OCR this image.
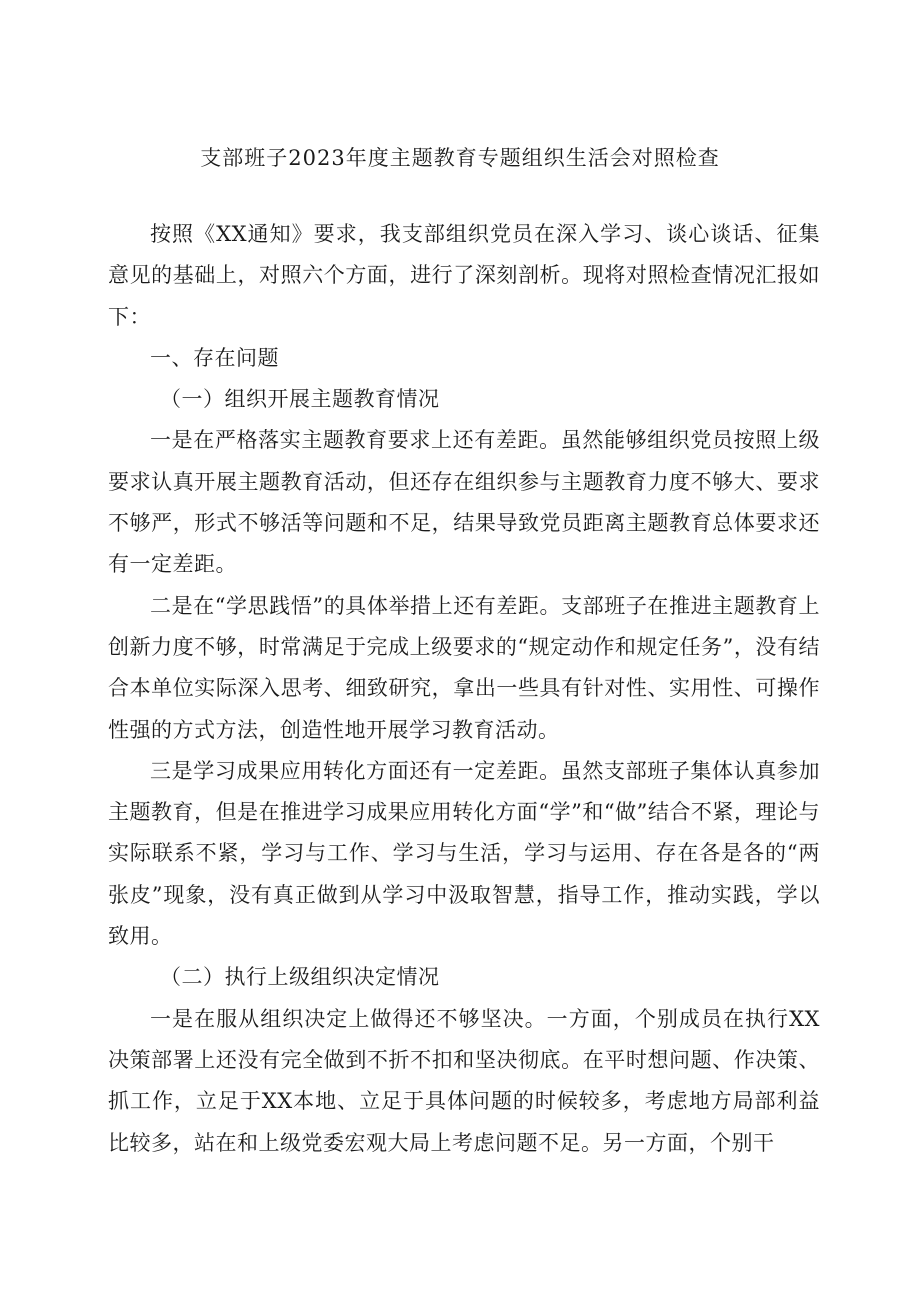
支部班子2023年度主题教育专题组织生活会对照检查

按照《XX通知》要求，我支部组织党员在深入学习、谈心谈话、征集意见的基础上，对照六个方面，进行了深刻剖析。现将对照检查情况汇报如下：

一、存在问题

（一）组织开展主题教育情况

一是在严格落实主题教育要求上还有差距。虽然能够组织党员按照上级要求认真开展主题教育活动，但还存在组织参与主题教育力度不够大、要求不够严，形式不够活等问题和不足，结果导致党员距离主题教育总体要求还有一定差距。

二是在“学思践悟”的具体举措上还有差距。支部班子在推进主题教育上创新力度不够，时常满足于完成上级要求的“规定动作和规定任务”，没有结合本单位实际深入思考、细致研究，拿出一些具有针对性、实用性、可操作性强的方式方法，创造性地开展学习教育活动。

三是学习成果应用转化方面还有一定差距。虽然支部班子集体认真参加主题教育，但是在推进学习成果应用转化方面“学”和“做”结合不紧，理论与实际联系不紧，学习与工作、学习与生活，学习与运用、存在各是各的“两张皮”现象，没有真正做到从学习中汲取智慧，指导工作，推动实践，学以致用。

（二）执行上级组织决定情况

一是在服从组织决定上做得还不够坚决。一方面，个别成员在执行XX决策部署上还没有完全做到不折不扣和坚决彻底。在平时想问题、作决策、抓工作，立足于XX本地、立足于具体问题的时候较多，考虑地方局部利益比较多，站在和上级党委宏观大局上考虑问题不足。另一方面，个别干
